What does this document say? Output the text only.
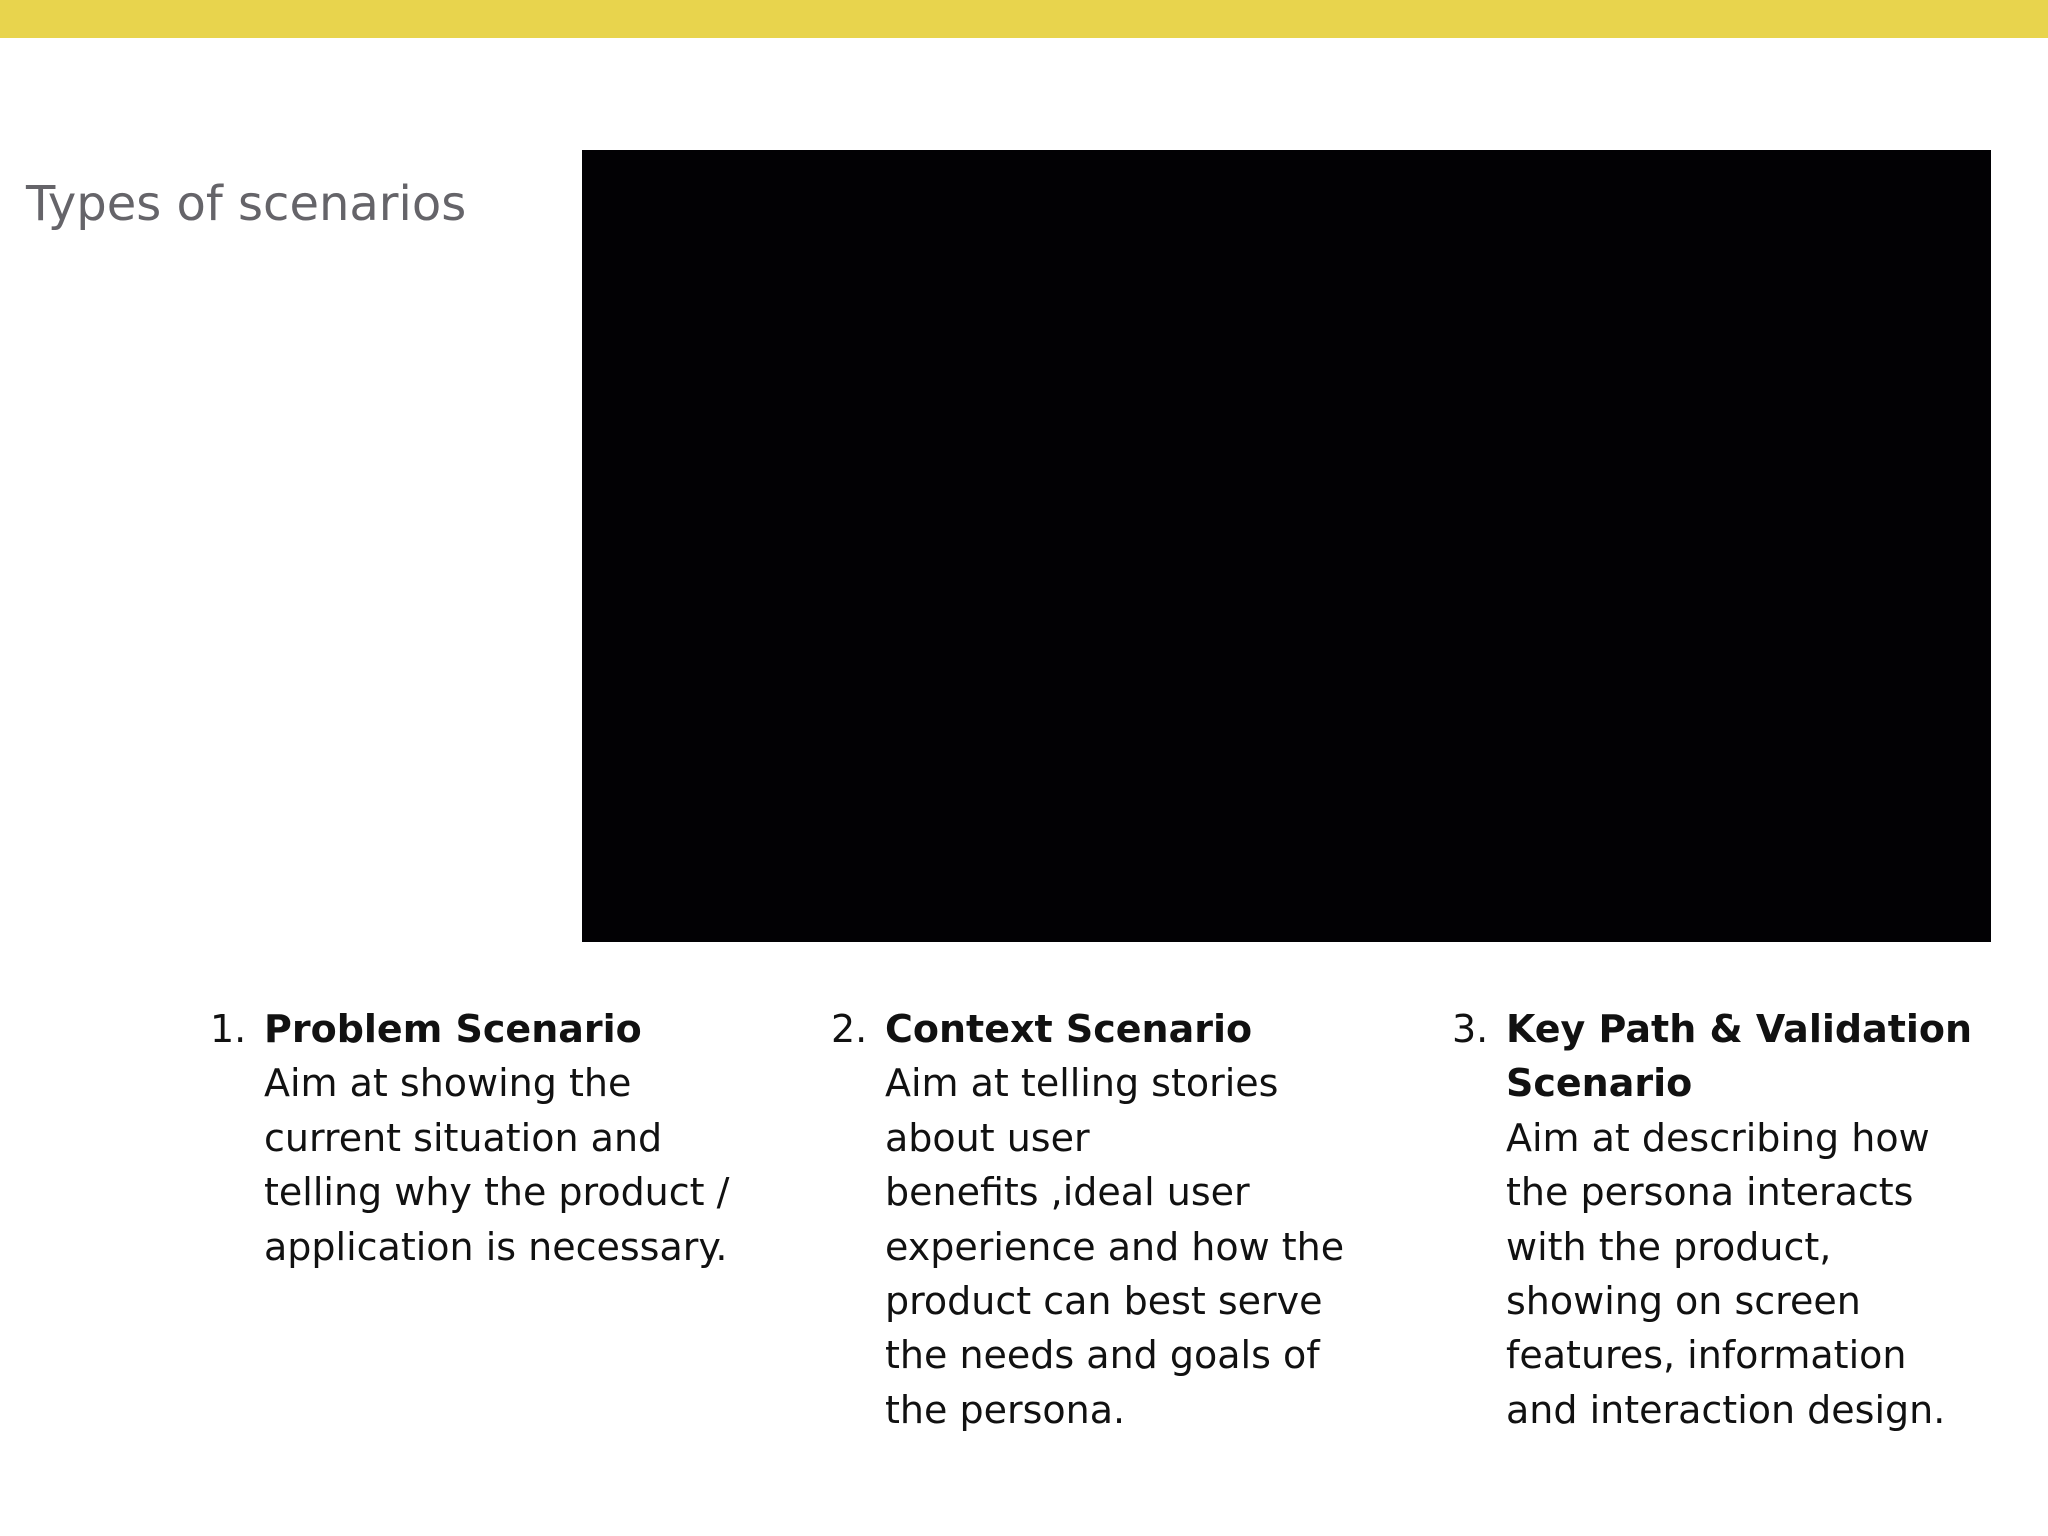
Types of scenarios
1. Problem Scenario

Aim at showing the
current situation and
telling why the product /
application is necessary.
2. Context Scenario

Aim at telling stories
about user
benefits ,ideal user
experience and how the
product can best serve
the needs and goals of
the persona.
3. Key Path & Validation
Scenario

Aim at describing how
the persona interacts
with the product,
showing on screen
features, information
and interaction design.
